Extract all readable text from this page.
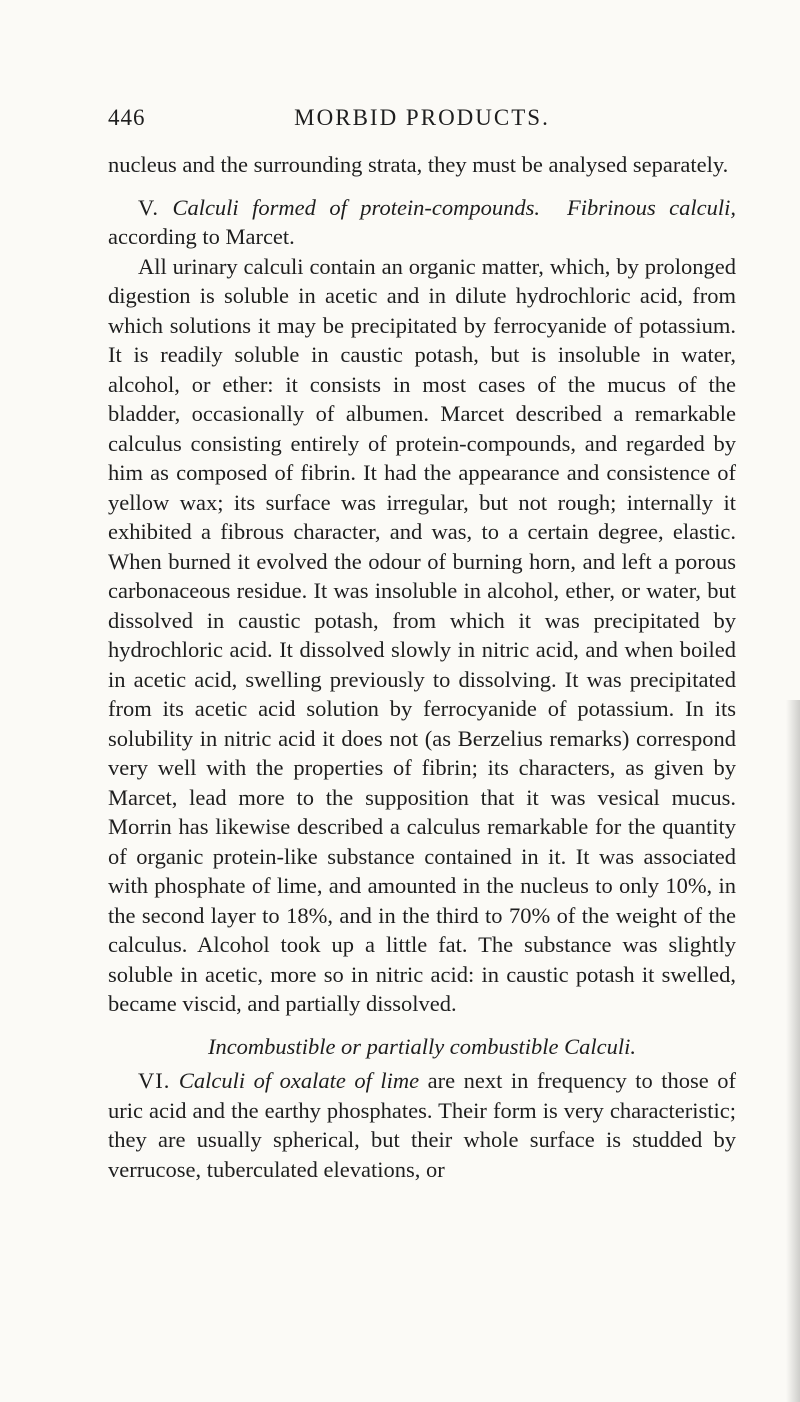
446	MORBID PRODUCTS.

nucleus and the surrounding strata, they must be analysed separately.

V. Calculi formed of protein-compounds. Fibrinous calculi, according to Marcet.

All urinary calculi contain an organic matter, which, by prolonged digestion is soluble in acetic and in dilute hydrochloric acid, from which solutions it may be precipitated by ferrocyanide of potassium. It is readily soluble in caustic potash, but is insoluble in water, alcohol, or ether: it consists in most cases of the mucus of the bladder, occasionally of albumen. Marcet described a remarkable calculus consisting entirely of protein-compounds, and regarded by him as composed of fibrin. It had the appearance and consistence of yellow wax; its surface was irregular, but not rough; internally it exhibited a fibrous character, and was, to a certain degree, elastic. When burned it evolved the odour of burning horn, and left a porous carbonaceous residue. It was insoluble in alcohol, ether, or water, but dissolved in caustic potash, from which it was precipitated by hydrochloric acid. It dissolved slowly in nitric acid, and when boiled in acetic acid, swelling previously to dissolving. It was precipitated from its acetic acid solution by ferrocyanide of potassium. In its solubility in nitric acid it does not (as Berzelius remarks) correspond very well with the properties of fibrin; its characters, as given by Marcet, lead more to the supposition that it was vesical mucus. Morrin has likewise described a calculus remarkable for the quantity of organic protein-like substance contained in it. It was associated with phosphate of lime, and amounted in the nucleus to only 10%, in the second layer to 18%, and in the third to 70% of the weight of the calculus. Alcohol took up a little fat. The substance was slightly soluble in acetic, more so in nitric acid: in caustic potash it swelled, became viscid, and partially dissolved.

Incombustible or partially combustible Calculi.

VI. Calculi of oxalate of lime are next in frequency to those of uric acid and the earthy phosphates. Their form is very characteristic; they are usually spherical, but their whole surface is studded by verrucose, tuberculated elevations, or
